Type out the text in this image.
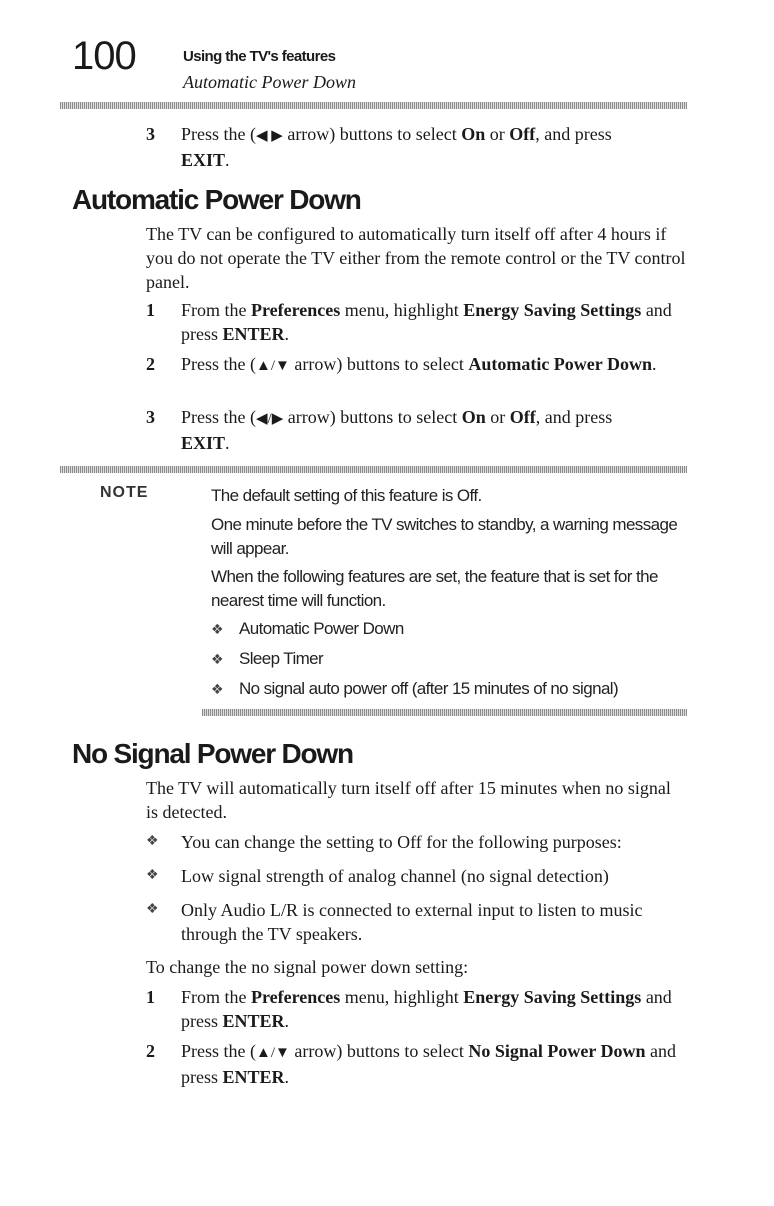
100	Using the TV's features
Automatic Power Down
3 Press the (◀ ▶ arrow) buttons to select On or Off, and press
EXIT.
Automatic Power Down
The TV can be configured to automatically turn itself off after 4 hours if you do not operate the TV either from the remote control or the TV control panel.
1 From the Preferences menu, highlight Energy Saving Settings and press ENTER.
2 Press the (▲/▼ arrow) buttons to select Automatic Power Down.
3 Press the (◀/▶ arrow) buttons to select On or Off, and press
EXIT.
NOTE	The default setting of this feature is Off.
One minute before the TV switches to standby, a warning message will appear.
When the following features are set, the feature that is set for the nearest time will function.
❖ Automatic Power Down
❖ Sleep Timer
❖ No signal auto power off (after 15 minutes of no signal)
No Signal Power Down
The TV will automatically turn itself off after 15 minutes when no signal is detected.
❖	You can change the setting to Off for the following purposes:
❖	Low signal strength of analog channel (no signal detection)
❖	Only Audio L/R is connected to external input to listen to music through the TV speakers.
To change the no signal power down setting:
1 From the Preferences menu, highlight Energy Saving Settings and press ENTER.
2 Press the (▲/▼ arrow) buttons to select No Signal Power Down and press ENTER.
